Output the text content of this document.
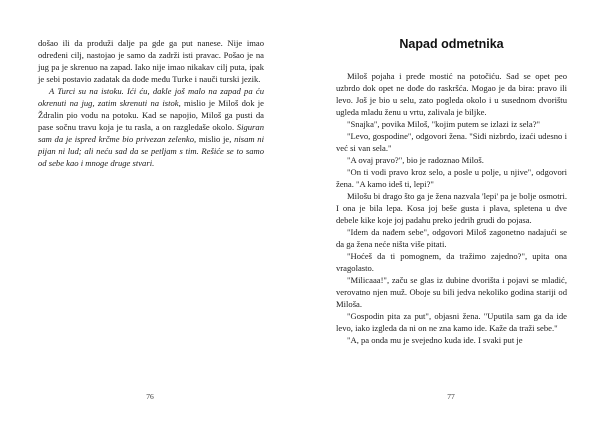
došao ili da produži dalje pa gde ga put nanese. Nije imao određeni cilj, nastojao je samo da zadrži isti pravac. Pošao je na jug pa je skrenuo na zapad. Iako nije imao nikakav cilj puta, ipak je sebi postavio zadatak da dođe među Turke i nauči turski jezik.

A Turci su na istoku. Ići ću, dakle još malo na zapad pa ću okrenuti na jug, zatim skrenuti na istok, mislio je Miloš dok je Ždralin pio vodu na potoku. Kad se napojio, Miloš ga pusti da pase sočnu travu koja je tu rasla, a on razgledaše okolo. Siguran sam da je ispred krčme bio privezan zelenko, mislio je, nisam ni pijan ni lud; ali neću sad da se petljam s tim. Rešiće se to samo od sebe kao i mnoge druge stvari.

76
Napad odmetnika

Miloš pojaha i pređe mostić na potočiću. Sad se opet peo uzbrdo dok opet ne dođe do raskršća. Mogao je da bira: pravo ili levo. Još je bio u selu, zato pogleda okolo i u susednom dvorištu ugleda mladu ženu u vrtu, zalivala je biljke.

"Snajka", povika Miloš, "kojim putem se izlazi iz sela?"

"Levo, gospodine", odgovori žena. "Siđi nizbrdo, izaći udesno i već si van sela."

"A ovaj pravo?", bio je radoznao Miloš.

"On ti vodi pravo kroz selo, a posle u polje, u njive", odgovori žena. "A kamo ideš ti, lepi?"

Milošu bi drago što ga je žena nazvala 'lepi' pa je bolje osmotri. I ona je bila lepa. Kosa joj beše gusta i plava, spletena u dve debele kike koje joj padahu preko jedrih grudi do pojasa.

"Idem da nađem sebe", odgovori Miloš zagonetno nadajući se da ga žena neće ništa više pitati.

"Hoćeš da ti pomognem, da tražimo zajedno?", upita ona vragolasto.

"Milicaaa!", začu se glas iz dubine dvorišta i pojavi se mladić, verovatno njen muž. Oboje su bili jedva nekoliko godina stariji od Miloša.

"Gospodin pita za put", objasni žena. "Uputila sam ga da ide levo, iako izgleda da ni on ne zna kamo ide. Kaže da traži sebe."

"A, pa onda mu je svejedno kuda ide. I svaki put je

77
